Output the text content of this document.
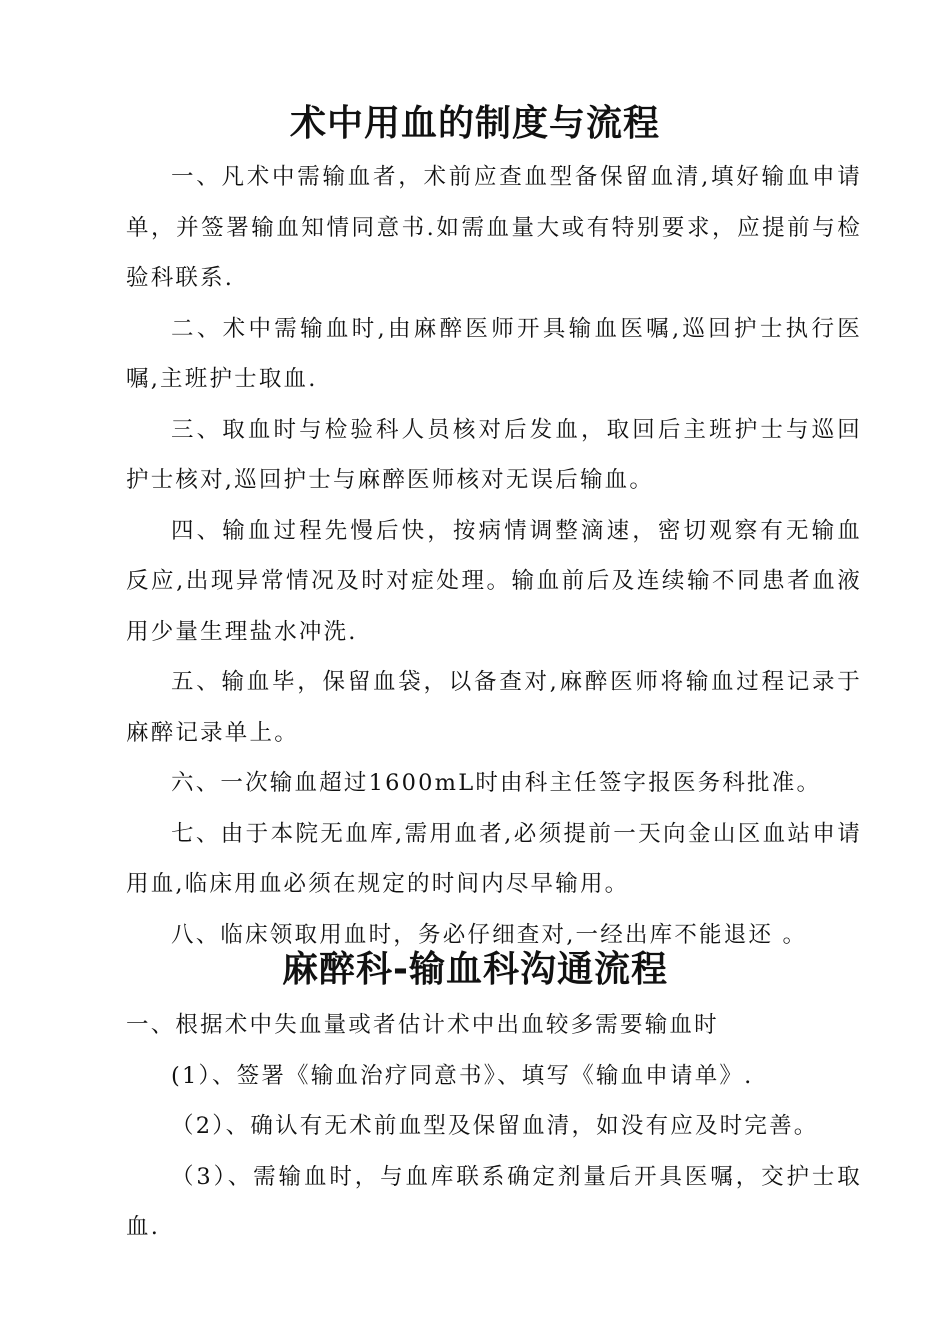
术中用血的制度与流程

一、凡术中需输血者，术前应查血型备保留血清,填好输血申请单，并签署输血知情同意书.如需血量大或有特别要求，应提前与检验科联系.

二、术中需输血时,由麻醉医师开具输血医嘱,巡回护士执行医嘱,主班护士取血.

三、取血时与检验科人员核对后发血，取回后主班护士与巡回护士核对,巡回护士与麻醉医师核对无误后输血。

四、输血过程先慢后快，按病情调整滴速，密切观察有无输血反应,出现异常情况及时对症处理。输血前后及连续输不同患者血液用少量生理盐水冲洗.

五、输血毕，保留血袋，以备查对,麻醉医师将输血过程记录于麻醉记录单上。

六、一次输血超过1600mL时由科主任签字报医务科批准。

七、由于本院无血库,需用血者,必须提前一天向金山区血站申请用血,临床用血必须在规定的时间内尽早输用。

八、临床领取用血时，务必仔细查对,一经出库不能退还 。

麻醉科-输血科沟通流程

一、根据术中失血量或者估计术中出血较多需要输血时

(1）、签署《输血治疗同意书》、填写《输血申请单》.

（2）、确认有无术前血型及保留血清，如没有应及时完善。

（3）、需输血时，与血库联系确定剂量后开具医嘱，交护士取血.
